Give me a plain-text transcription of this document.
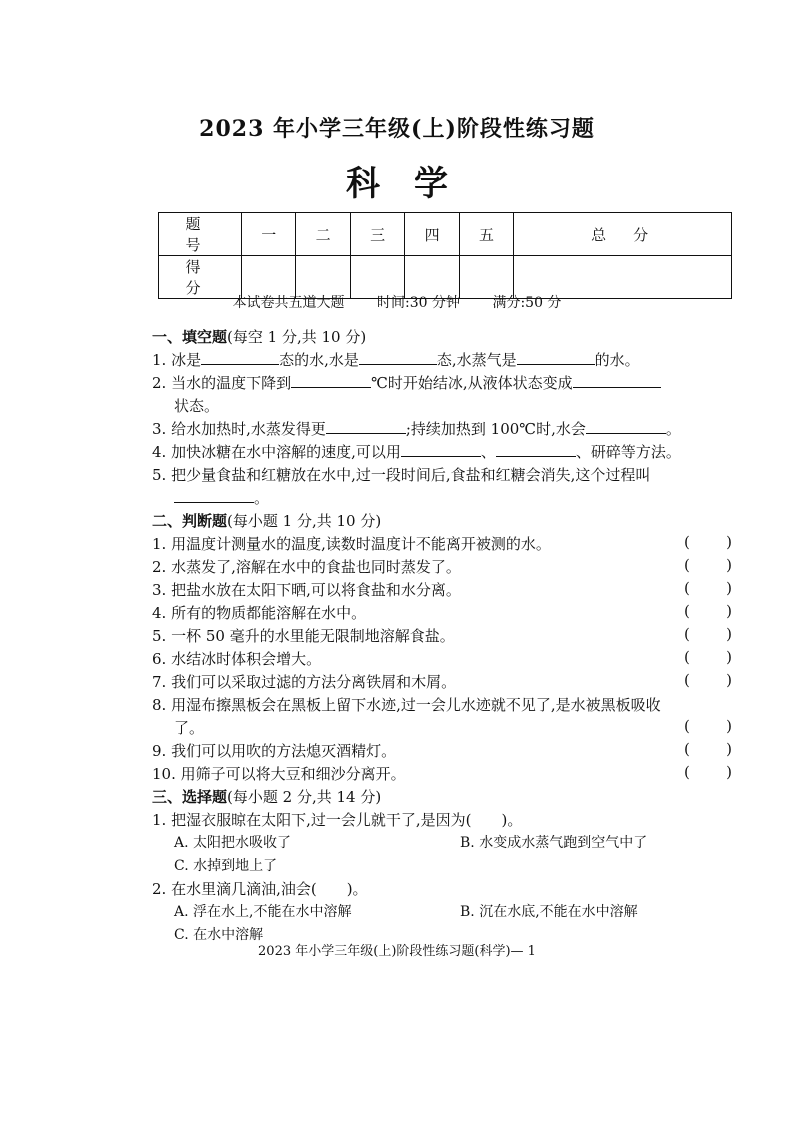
2023 年小学三年级(上)阶段性练习题
科学
题　号	一	二	三	四	五	总　分
得　分						
本试卷共五道大题 时间:30 分钟 满分:50 分
一、填空题(每空 1 分,共 10 分)
1. 冰是	态的水,水是	态,水蒸气是	的水。
2. 当水的温度下降到	℃时开始结冰,从液体状态变成
状态。
3. 给水加热时,水蒸发得更	;持续加热到 100℃时,水会	。
4. 加快冰糖在水中溶解的速度,可以用	、	、研碎等方法。
5. 把少量食盐和红糖放在水中,过一段时间后,食盐和红糖会消失,这个过程叫
。
二、判断题(每小题 1 分,共 10 分)
1. 用温度计测量水的温度,读数时温度计不能离开被测的水。	( )
2. 水蒸发了,溶解在水中的食盐也同时蒸发了。	( )
3. 把盐水放在太阳下晒,可以将食盐和水分离。	( )
4. 所有的物质都能溶解在水中。	( )
5. 一杯 50 毫升的水里能无限制地溶解食盐。	( )
6. 水结冰时体积会增大。	( )
7. 我们可以采取过滤的方法分离铁屑和木屑。	( )
8. 用湿布擦黑板会在黑板上留下水迹,过一会儿水迹就不见了,是水被黑板吸收
了。	( )
9. 我们可以用吹的方法熄灭酒精灯。	( )
10. 用筛子可以将大豆和细沙分离开。	( )
三、选择题(每小题 2 分,共 14 分)
1. 把湿衣服晾在太阳下,过一会儿就干了,是因为(　　)。
A. 太阳把水吸收了	B. 水变成水蒸气跑到空气中了
C. 水掉到地上了
2. 在水里滴几滴油,油会(　　)。
A. 浮在水上,不能在水中溶解	B. 沉在水底,不能在水中溶解
C. 在水中溶解
2023 年小学三年级(上)阶段性练习题(科学)— 1
